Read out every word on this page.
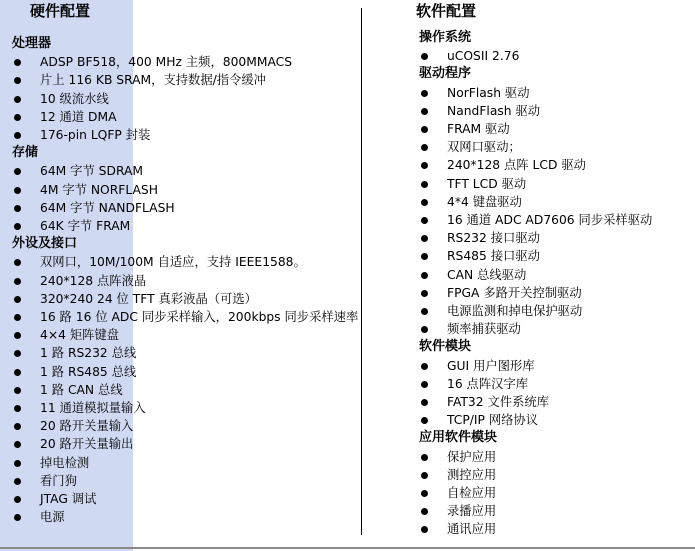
硬件配置
处理器
ADSP BF518，400 MHz 主频，800MMACS
片上 116 KB SRAM，支持数据/指令缓冲
10 级流水线
12 通道 DMA
176-pin LQFP 封装
存储
64M 字节 SDRAM
4M 字节 NORFLASH
64M 字节 NANDFLASH
64K 字节 FRAM
外设及接口
双网口，10M/100M 自适应，支持 IEEE1588。
240*128 点阵液晶
320*240 24 位 TFT 真彩液晶（可选）
16 路 16 位 ADC 同步采样输入，200kbps 同步采样速率
4×4 矩阵键盘
1 路 RS232 总线
1 路 RS485 总线
1 路 CAN 总线
11 通道模拟量输入
20 路开关量输入
20 路开关量输出
掉电检测
看门狗
JTAG 调试
电源
软件配置
操作系统
uCOSII 2.76
驱动程序
NorFlash 驱动
NandFlash 驱动
FRAM 驱动
双网口驱动；
240*128 点阵 LCD 驱动
TFT LCD 驱动
4*4 键盘驱动
16 通道 ADC AD7606 同步采样驱动
RS232 接口驱动
RS485 接口驱动
CAN 总线驱动
FPGA 多路开关控制驱动
电源监测和掉电保护驱动
频率捕获驱动
软件模块
GUI 用户图形库
16 点阵汉字库
FAT32 文件系统库
TCP/IP 网络协议
应用软件模块
保护应用
测控应用
自检应用
录播应用
通讯应用
